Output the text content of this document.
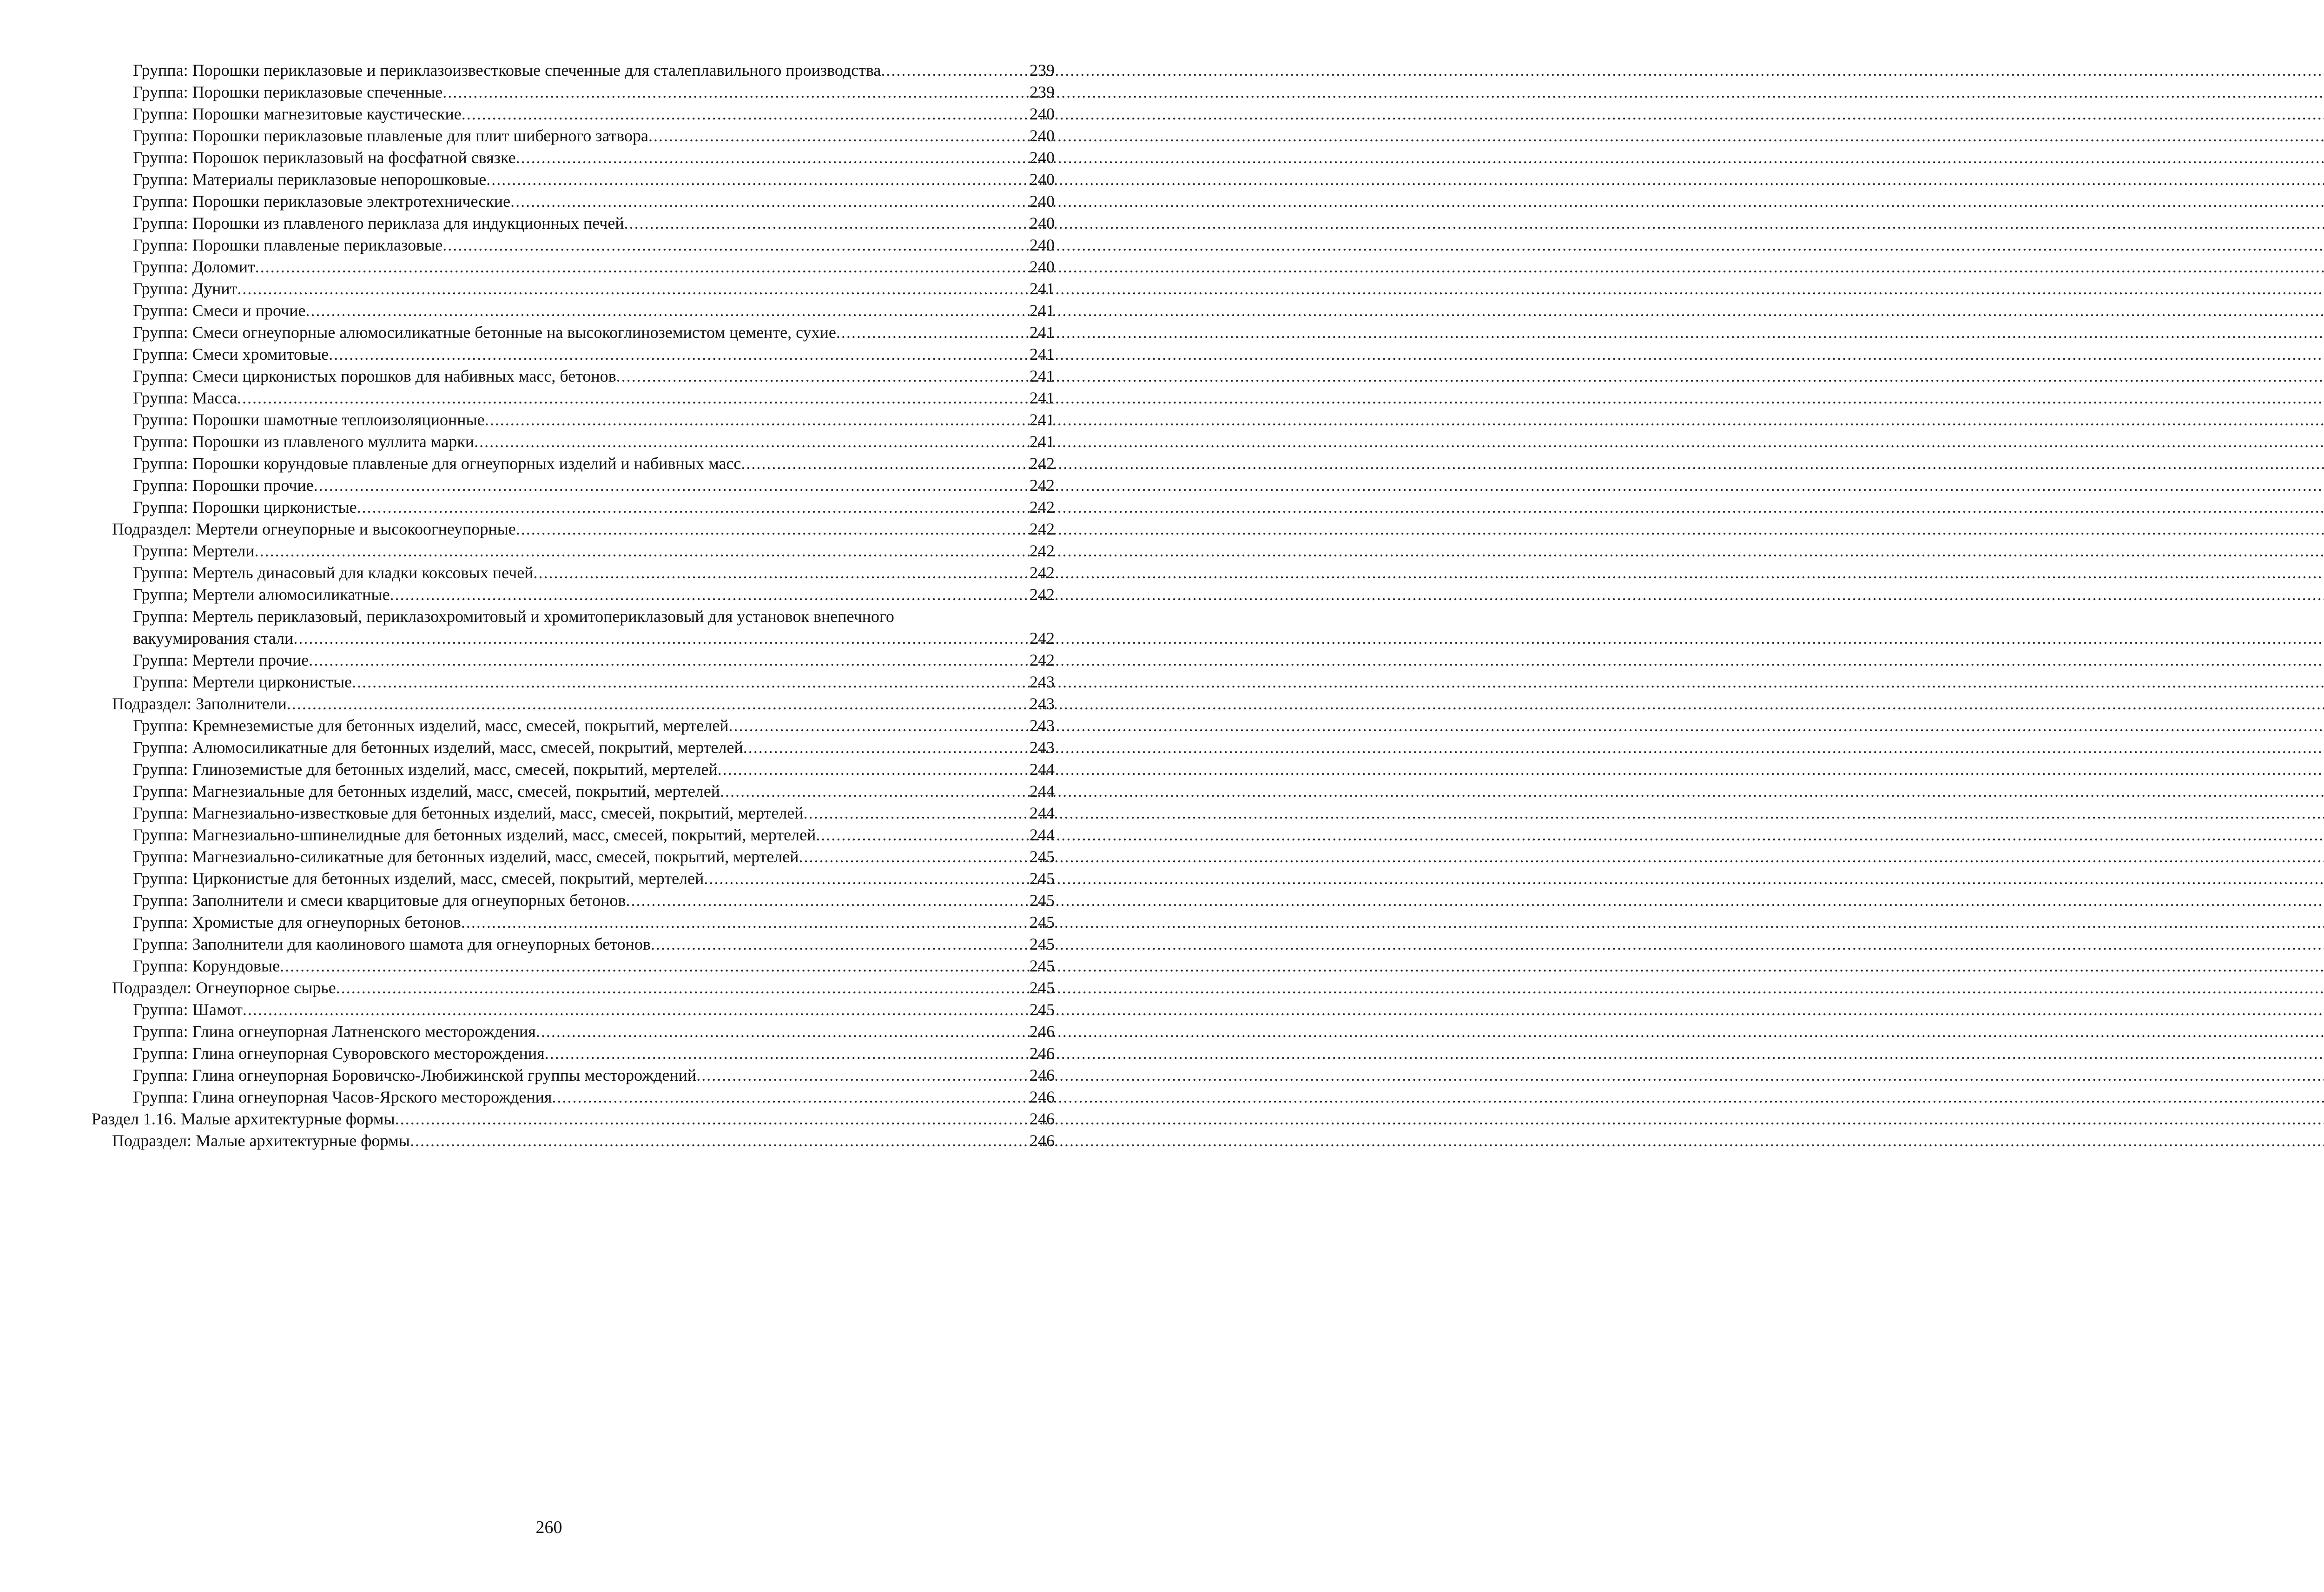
Группа: Порошки периклазовые и периклазоизвестковые спеченные для сталеплавильного производства .....	239
Группа: Порошки периклазовые спеченные .....	239
Группа: Порошки магнезитовые каустические .....	240
Группа: Порошки периклазовые плавленые для плит шиберного затвора .....	240
Группа: Порошок периклазовый на фосфатной связке .....	240
Группа: Материалы периклазовые непорошковые .....	240
Группа: Порошки периклазовые электротехнические .....	240
Группа: Порошки из плавленого периклаза для индукционных печей .....	240
Группа: Порошки плавленые периклазовые .....	240
Группа: Доломит .....	240
Группа: Дунит .....	241
Группа: Смеси и прочие .....	241
Группа: Смеси огнеупорные алюмосиликатные бетонные на высокоглиноземистом цементе, сухие .....	241
Группа: Смеси хромитовые .....	241
Группа: Смеси цирконистых порошков для набивных масс, бетонов .....	241
Группа: Масса .....	241
Группа: Порошки шамотные теплоизоляционные .....	241
Группа: Порошки из плавленого муллита марки .....	241
Группа: Порошки корундовые плавленые для огнеупорных изделий и набивных масс .....	242
Группа: Порошки прочие .....	242
Группа: Порошки цирконистые .....	242
Подраздел: Мертели огнеупорные и высокоогнеупорные .....	242
Группа: Мертели .....	242
Группа: Мертель динасовый для кладки коксовых печей .....	242
Группа; Мертели алюмосиликатные .....	242
Группа: Мертель периклазовый, периклазохромитовый и хромитопериклазовый для установок внепечного
вакуумирования стали .....	242
Группа: Мертели прочие .....	242
Группа: Мертели цирконистые .....	243
Подраздел: Заполнители .....	243
Группа: Кремнеземистые для бетонных изделий, масс, смесей, покрытий, мертелей .....	243
Группа: Алюмосиликатные для бетонных изделий, масс, смесей, покрытий, мертелей .....	243
Группа: Глиноземистые для бетонных изделий, масс, смесей, покрытий, мертелей .....	244
Группа: Магнезиальные для бетонных изделий, масс, смесей, покрытий, мертелей .....	244
Группа: Магнезиально-известковые для бетонных изделий, масс, смесей, покрытий, мертелей .....	244
Группа: Магнезиально-шпинелидные для бетонных изделий, масс, смесей, покрытий, мертелей .....	244
Группа: Магнезиально-силикатные для бетонных изделий, масс, смесей, покрытий, мертелей .....	245
Группа: Цирконистые для бетонных изделий, масс, смесей, покрытий, мертелей .....	245
Группа: Заполнители и смеси кварцитовые для огнеупорных бетонов .....	245
Группа: Хромистые для огнеупорных бетонов .....	245
Группа: Заполнители для каолинового шамота для огнеупорных бетонов .....	245
Группа: Корундовые .....	245
Подраздел: Огнеупорное сырье .....	245
Группа: Шамот .....	245
Группа: Глина огнеупорная Латненского месторождения .....	246
Группа: Глина огнеупорная Суворовского месторождения .....	246
Группа: Глина огнеупорная Боровичско-Любижинской группы месторождений .....	246
Группа: Глина огнеупорная Часов-Ярского месторождения .....	246
Раздел 1.16. Малые архитектурные формы .....	246
Подраздел: Малые архитектурные формы .....	246
260
